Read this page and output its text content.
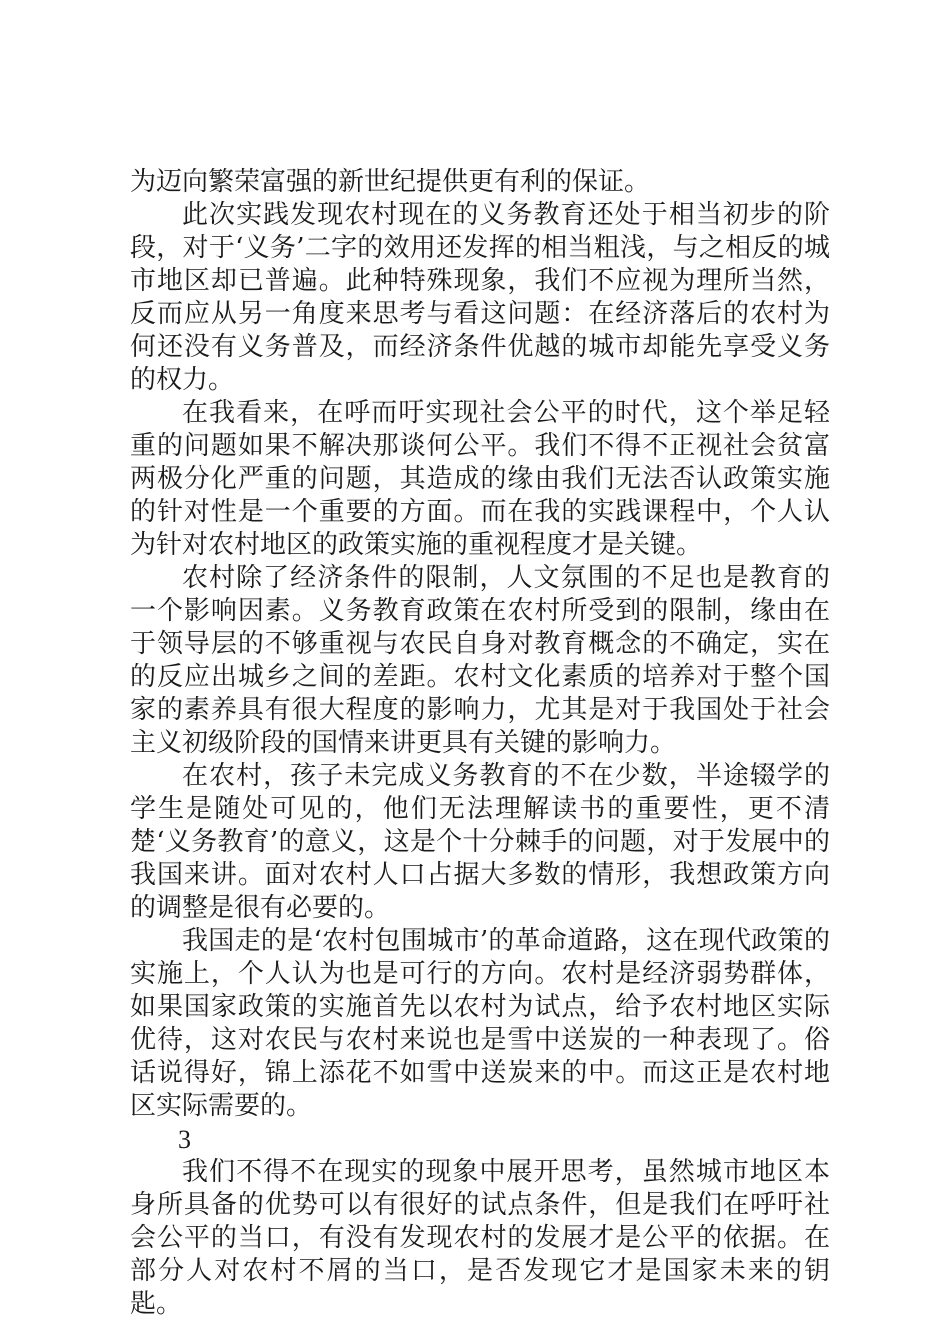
为迈向繁荣富强的新世纪提供更有利的保证。

此次实践发现农村现在的义务教育还处于相当初步的阶段，对于‘义务’二字的效用还发挥的相当粗浅，与之相反的城市地区却已普遍。此种特殊现象，我们不应视为理所当然，反而应从另一角度来思考与看这问题：在经济落后的农村为何还没有义务普及，而经济条件优越的城市却能先享受义务的权力。

在我看来，在呼而吁实现社会公平的时代，这个举足轻重的问题如果不解决那谈何公平。我们不得不正视社会贫富两极分化严重的问题，其造成的缘由我们无法否认政策实施的针对性是一个重要的方面。而在我的实践课程中，个人认为针对农村地区的政策实施的重视程度才是关键。

农村除了经济条件的限制，人文氛围的不足也是教育的一个影响因素。义务教育政策在农村所受到的限制，缘由在于领导层的不够重视与农民自身对教育概念的不确定，实在的反应出城乡之间的差距。农村文化素质的培养对于整个国家的素养具有很大程度的影响力，尤其是对于我国处于社会主义初级阶段的国情来讲更具有关键的影响力。

在农村，孩子未完成义务教育的不在少数，半途辍学的学生是随处可见的，他们无法理解读书的重要性，更不清楚‘义务教育’的意义，这是个十分棘手的问题，对于发展中的我国来讲。面对农村人口占据大多数的情形，我想政策方向的调整是很有必要的。

我国走的是‘农村包围城市’的革命道路，这在现代政策的实施上，个人认为也是可行的方向。农村是经济弱势群体，如果国家政策的实施首先以农村为试点，给予农村地区实际优待，这对农民与农村来说也是雪中送炭的一种表现了。俗话说得好，锦上添花不如雪中送炭来的中。而这正是农村地区实际需要的。

3

我们不得不在现实的现象中展开思考，虽然城市地区本身所具备的优势可以有很好的试点条件，但是我们在呼吁社会公平的当口，有没有发现农村的发展才是公平的依据。在部分人对农村不屑的当口，是否发现它才是国家未来的钥匙。
